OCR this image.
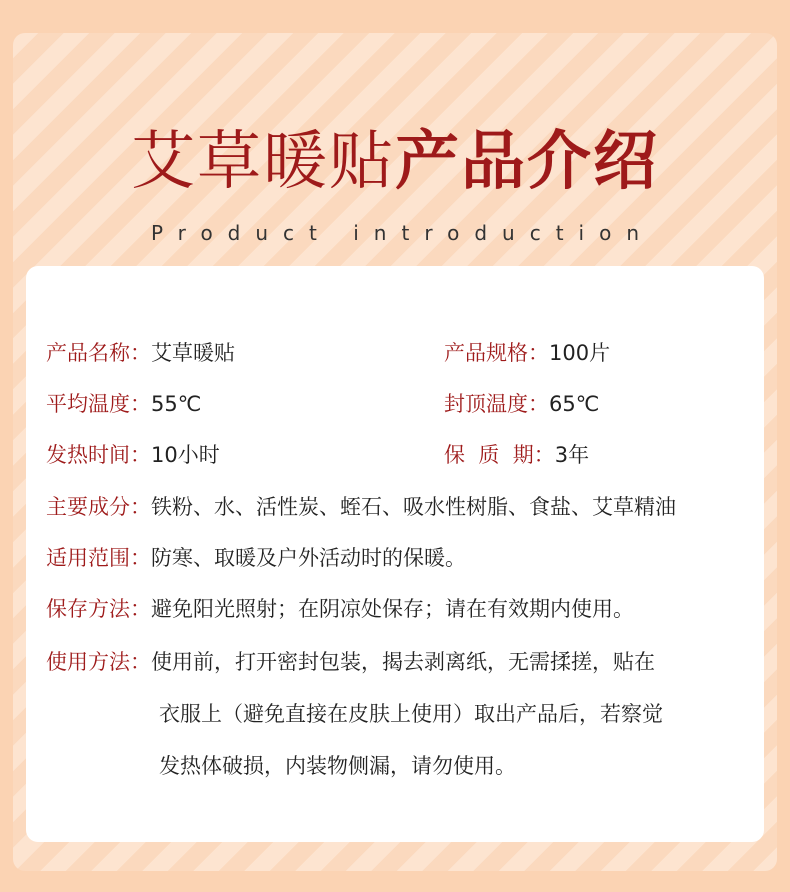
艾草暖贴产品介绍
Product introduction
产品名称：艾草暖贴	产品规格：100片
平均温度：55℃	封顶温度：65℃
发热时间：10小时	保  质  期：3年
主要成分：铁粉、水、活性炭、蛭石、吸水性树脂、食盐、艾草精油
适用范围：防寒、取暖及户外活动时的保暖。
保存方法：避免阳光照射；在阴凉处保存；请在有效期内使用。
使用方法：使用前，打开密封包装，揭去剥离纸，无需揉搓，贴在
衣服上（避免直接在皮肤上使用）取出产品后，若察觉
发热体破损，内装物侧漏，请勿使用。
